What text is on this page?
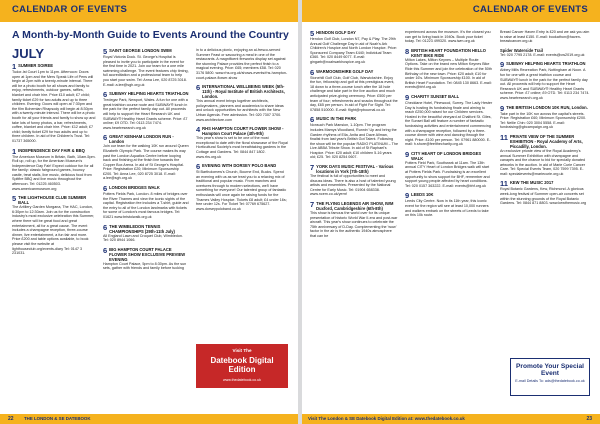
CALENDAR OF EVENTS
A Month-by-Month Guide to Events Around the Country
JULY
1 SUMMER SOIREE
Tudor-Ist Court 1pm to 11pm. Afternoon: Doors open at 1pm and the Mers Speak Life of Pens will begin at 2pm with a twenty-minute interval. There will be a photo booth for all shows and family to enjoy, refreshments, outdoor games, raffles, blanket and chair hire. Price £10 adult; £7 child; family ticket £29 for two adults and up to three children. Evening: Doors will open at 7:30pm and the film Bohemian Rhapsody will begin at 8:30pm with a twenty-minute interval. There will be a photo booth for all your friends and family to show up and take lots of funny photos, a bar, refreshments, coffee, blanket and chair hire. Price: £12 adult; £7 child; family ticket £29 for two adults and up to three children. In aid of the Children's Trust. Tel: 01737 365000.
1 INDEPENDENCE DAY FAIR & BBQ
The American Museum in Britain, Bath, 10am-5pm. Roll up, roll up, for the American Museum's Independence Day Fair! Expect outdoor fun for all the family: classic fairground games, bouncy castle, treat stalls, live music, delicious food from Spitfire BBQ and live music throughout the afternoon. Tel: 01225 460503. www.americanmuseum.org
5 THE LIGHTHOUSE CLUB SUMMER BALL
The Artillery Garden Morgana, The HAC, London, 6:30pm to 12:30am. Join us for the construction industry's most exclusive celebration this Summer, where there will be great food and great entertainment, all for a great cause. The event includes a champagne reception, three-course dinner, live entertainment, a fun fair and more. Price £200 and table options available, to book please visit the website at lighthouseclub.org/events-diary Tel: 0147 3 231031.
5 SAINT GEORGE LONDON SWIM
Royal Victoria Dock. St. George's Hospital is pleased to invite you to participate in the event for the first time in 2021. Join our team for a one mile swimming challenge. The event features chip timing, full accreditation and a professional team to help you start your swim. Tel: Anna Lee, 020 8725 3018. E-mail: a.lee@sgh.org.uk
6 SUBWAY HELPING HEARTS TRIATHLON
Tredegar Park, Newport, Wales. A fun for one with a great triathlon course route and SUBWAY® lunch in the park for the perfect family day out. All proceeds will help to support the Heart Research UK and SUBWAY® Healthy Heart Grants scheme. Price: £7 online; £9 OTD. Tel: 0113 234 7474. www.heartresearch.org.uk
6 GREAT KENHAM LONDON RUN - London
Join our team for the walking 10K run around Queen Elizabeth Olympic Park. The course makes its way past the London Aquatics Centre before looping back and finishing at the finish line towards the Copper Box Arena. In aid of St George's Hospital. Price: Registration £20; Minimum Sponsorship £200. Tel: Anna Lee, 020 8725 3018. E-mail: a.lee@sgh.org.uk
6 LONDON BRIDGES WALK
Potters Fields Park, London. 8 miles of bridges over the River Thames and view the iconic sights of the capital. Registration fee includes a T-shirt, guide and the entry to all of the London landmarks with tickets for some of London's most famous bridges. Tel: 01621 www.bristolwalk.org.uk
6 THE WIMBLEDON TENNIS CHAMPIONSHIPS (29th-11th July)
All England Lawn and Croquet Club, Wimbledon. Tel: 020 8944 1066.
6 BIG HAMPTON COURT PALACE FLOWER SHOW EXCLUSIVE PREVIEW EVENING
Hampton Court Palace, 5pm to 8:30pm. As the sun sets, gather with friends and family before tucking
in to a delicious picnic, enjoying an al-fresco-served Summer Feast or savouring a meal in one of the restaurants. A magnificent fireworks display set against the stunning Palace provides the perfect finish to a magical evening. Price: £65; members £58. Tel: 020 3176 5800. www.rhs.org.uk/shows-events/rhs-hampton-court-palace-flower-show
6 INTERNATIONAL WELLBEING WEEK (5th-11th) - Royal Institute of British Architects, London.
This annual event brings together architects, policymakers, planners and academics to share ideas and unlock opportunities for architects with the New Urban Agenda. Free admission. Tel: 020 7307 3700. www.architecture.com
4 RHS HAMPTON COURT FLOWER SHOW - Hampton Court Palace (4th-9th)
This year's show is set to be one of the most exceptional to date with the floral showcase of the Royal Horticultural Society's most breathtaking gardens in the Cottage and Gardens. Tel: 0844 847 1802. www.rhs.org.uk
6 EVENING WITH DORSEY POLO BAND
St Bartholomew's Church, Bourne End, Bucks. Spend an evening with us as we treat you to a relaxing mix of traditional and popular music. From marches and overtures through to modern selections, we'll have something for everyone! Our talented group of fantastic enthusiasts will once again be raising funds for the Thames Valley Hospice. Tickets £8 adult; £4 under 16s; free under 12s. For Ticket Tel: 07769 675627. www.dorseypoloband.co.uk
Visit The
Datebook Digital Edition
www.thedatebook.co.uk
22 THE LONDON & SE DATEBOOK
CALENDAR OF EVENTS
5 HENDON GOLF DAY
Hendon Golf Club, London N7, Pay & Play. The 29th Annual Golf Challenge Day in aid of Noah's Ark Children's Hospice and North London Hospice. Price: Sponsored Company Team £440; Individual Team £360. Tel: 020 8449 6077. E-mail: gingarb@noahsarkhospice.org.uk
6 WARMOOMSHIRE GOLF DAY
Stonehill Golf Club, Golf Club, Warwickshire. Enjoy the fun, fellowship and golf at this prestigious event, 18 down to a three-course lunch after the 18 hole challenge and take part in the live auction and much anticipated prize-giving ceremony. Price: £500 per team of four; refreshments and snacks throughout the day, £65 per person. In aid of Fight For Sight. Tel: 07858 510000. E-mail: flight@rpbournal.co.uk
6 MUSIC IN THE PARK
Nonsuch Park Mansion, 1-10pm. The program includes Mamys Woodland, Runnin' Up and bring the Garden rhythms of Ella, Anita and Dave Allman, finalist from last year's British Got Talent. Following the show will be the popular RADIO PLATINUM – The Live ABBA Tribute Show. In aid of St Raphael's Hospice. Price: £20 adult; £10 children 5-16 years old; £25. Tel: 020 8254 0607.
7 YORK DAYS MUSIC FESTIVAL - Various locations in York (7th-18th)
The festival is full of opportunities to meet and discuss ideas. There is also a host of talented young artists and ensembles. Presented by the National Centre for Early Music. Tel: 01904 658338. www.ncem.co.uk/yemf
7 THE FLYING LEGENDS AIR SHOW, IWM Duxford, Cambridgeshire (6th-8th)
This show is famous the world over for its unique presentation of historic World War II-era and post-war aircraft. This year's show continues to celebrate the 75th anniversary of D-Day. Complementing the 'wow' factor in the air is the authentic 1940s atmosphere that can be
experienced across the museum. It's the closest you can get to living back in 1940s. Book your ticket today. Tel: 01223 499320. www.iwm.org.uk
8 BRITISH HEART FOUNDATION HELLO KENT BIKE RIDE
Milton Lakes, Milton Keynes – Multiple Route Options. Take on the brand new Milton Keynes Bike Ride this Summer and join the celebration of the 50th Birthday of the new town. Price: £20 adult; £10 for under 16's. Minimum Sponsorship £100. In aid of British Heart Foundation. Tel: 0845 130 8663. E-mail: events@bhf.org.uk
9 CHARITY SUNSET BALL
Checklane Hotel, Pinewood, Surrey. The Lady Hester Day is hosting its fundraising finale and aiming to reach £250,000 raised for our Children services. Hosted in the beautiful vineyard at Chalfont St. Giles, the Sunset Ball will feature a number of fantastic fundraising activities and entertainment commencing with a champagne reception, followed by a three-course dinner with wine and dancing through the night. Price: £100 per person. Tel: 07961 880000. E-mail: h.shore@feelthecharity.org.uk
9 CITY HEART OF LONDON BRIDGES WALK
Potters Field Park, Southwark at 11am. The 13th annual CITY Heart of London Bridges walk will start at Potters Fields Park. Fundraising is an excellent opportunity to show support for BHF, remember and support young people affected by heart conditions. Tel: 020 0157 363222. E-mail: events@bhf.org.uk
9 LEEDS 10K
Leeds City Centre. Now in its 11th year, this iconic event for the region will see at least 10,000 runners and walkers embark on the streets of Leeds to take on this 10k route.
Breast Cancer Haven Entry is £20 and we ask you aim to raise at least £150. E-mail: bookathon@haven-breastcancer.org.uk
Spider Waterside Trail
Tel: 020 7795 2178. E-mail: events@cw2019.org.uk
9 SUBWAY HELPING HEARTS TRIATHLON
Abbey Mills Recreation Park, Nottingham at Noon. A fun for one with a great triathlon course and SUBWAY® lunch in the park for the perfect family day out. All proceeds will help to support the Heart Research UK and SUBWAY® Healthy Heart Grants scheme. Price: £7 online; £9 OTD. Tel: 0113 234 7474. www.heartresearch.org.uk
9 THE BRITISH LONDON 10K RUN, London.
Take part in the 10K run across the capital's streets. Price: Registration £60; Minimum Sponsorship £200. Tel: Nellie Chin: 020 3004 5558. E-mail: fundraising@gbcampaign.org.uk
11 PRIVATE VIEW OF THE SUMMER EXHIBITION - Royal Academy of Arts, Piccadilly, London.
An exclusive private view of the Royal Academy's annual Summer Exhibition with champagne and canapés and the chance to bid for specially donated artworks in the auction. In aid of Marie Curie Cancer Care. Tel: Special Events Team, 020 7599 7395. E-mail: specialevents@mariecurie.org.uk
11 KEW THE MUSIC 2017
Royal Botanic Gardens, Kew, Richmond. A glorious week-long festival of Summer open-air concerts set within the stunning grounds of the Royal Botanic Gardens. Tel: 0844 871 8803. www.kewthemusic.org
Promote Your Special Event
E-mail Details To: ads@thedatebook.co.uk
Visit The London & SE Datebook Digital Edition at: www.thedatebook.co.uk	23
